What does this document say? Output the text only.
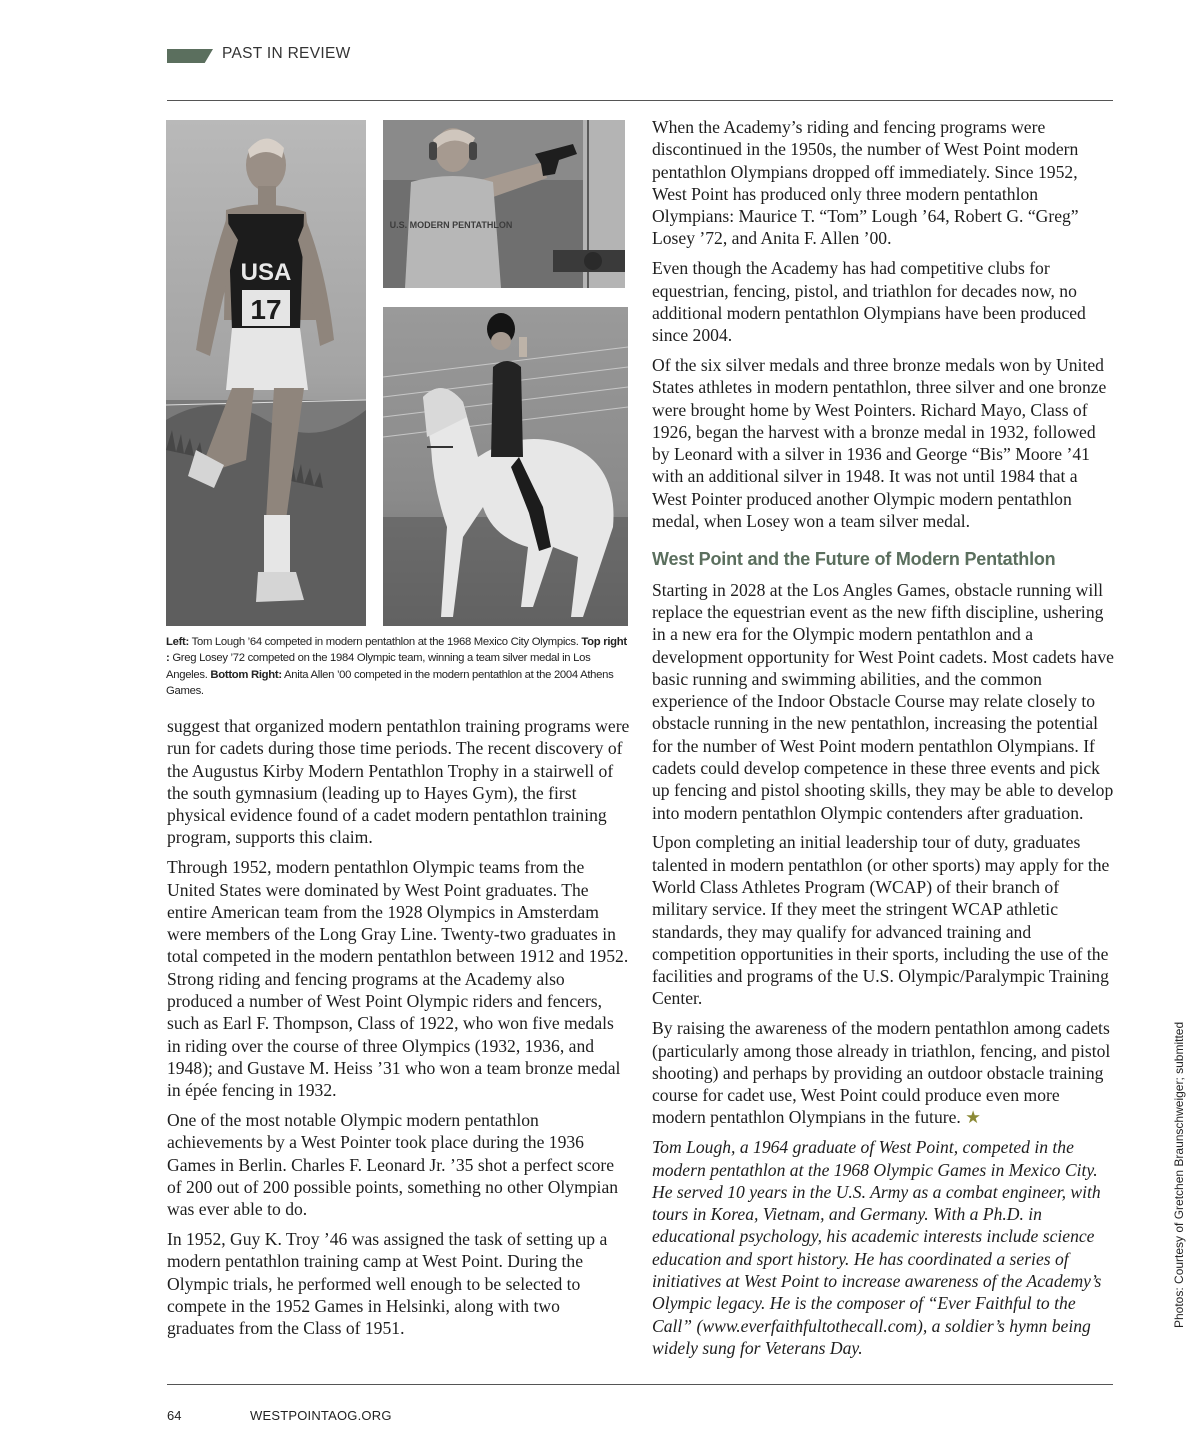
PAST IN REVIEW
USA
17
U.S. MODERN PENTATHLON
Left: Tom Lough ’64 competed in modern pentathlon at the 1968 Mexico City Olympics. Top right : Greg Losey ’72 competed on the 1984 Olympic team, winning a team silver medal in Los Angeles. Bottom Right: Anita Allen ’00 competed in the modern pentathlon at the 2004 Athens Games.

suggest that organized modern pentathlon training programs were run for cadets during those time periods. The recent discovery of the Augustus Kirby Modern Pentathlon Trophy in a stairwell of the south gymnasium (leading up to Hayes Gym), the first physical evidence found of a cadet modern pentathlon training program, supports this claim.

Through 1952, modern pentathlon Olympic teams from the United States were dominated by West Point graduates. The entire American team from the 1928 Olympics in Amsterdam were members of the Long Gray Line. Twenty-two graduates in total competed in the modern pentathlon between 1912 and 1952. Strong riding and fencing programs at the Academy also produced a number of West Point Olympic riders and fencers, such as Earl F. Thompson, Class of 1922, who won five medals in riding over the course of three Olympics (1932, 1936, and 1948); and Gustave M. Heiss ’31 who won a team bronze medal in épée fencing in 1932.

One of the most notable Olympic modern pentathlon achievements by a West Pointer took place during the 1936 Games in Berlin. Charles F. Leonard Jr. ’35 shot a perfect score of 200 out of 200 possible points, something no other Olympian was ever able to do.

In 1952, Guy K. Troy ’46 was assigned the task of setting up a modern pentathlon training camp at West Point. During the Olympic trials, he performed well enough to be selected to compete in the 1952 Games in Helsinki, along with two graduates from the Class of 1951.

When the Academy’s riding and fencing programs were discontinued in the 1950s, the number of West Point modern pentathlon Olympians dropped off immediately. Since 1952, West Point has produced only three modern pentathlon Olympians: Maurice T. “Tom” Lough ’64, Robert G. “Greg” Losey ’72, and Anita F. Allen ’00.

Even though the Academy has had competitive clubs for equestrian, fencing, pistol, and triathlon for decades now, no additional modern pentathlon Olympians have been produced since 2004.

Of the six silver medals and three bronze medals won by United States athletes in modern pentathlon, three silver and one bronze were brought home by West Pointers. Richard Mayo, Class of 1926, began the harvest with a bronze medal in 1932, followed by Leonard with a silver in 1936 and George “Bis” Moore ’41 with an additional silver in 1948. It was not until 1984 that a West Pointer produced another Olympic modern pentathlon medal, when Losey won a team silver medal.

West Point and the Future of Modern Pentathlon

Starting in 2028 at the Los Angles Games, obstacle running will replace the equestrian event as the new fifth discipline, ushering in a new era for the Olympic modern pentathlon and a development opportunity for West Point cadets. Most cadets have basic running and swimming abilities, and the common experience of the Indoor Obstacle Course may relate closely to obstacle running in the new pentathlon, increasing the potential for the number of West Point modern pentathlon Olympians. If cadets could develop competence in these three events and pick up fencing and pistol shooting skills, they may be able to develop into modern pentathlon Olympic contenders after graduation.

Upon completing an initial leadership tour of duty, graduates talented in modern pentathlon (or other sports) may apply for the World Class Athletes Program (WCAP) of their branch of military service. If they meet the stringent WCAP athletic standards, they may qualify for advanced training and competition opportunities in their sports, including the use of the facilities and programs of the U.S. Olympic/Paralympic Training Center.

By raising the awareness of the modern pentathlon among cadets (particularly among those already in triathlon, fencing, and pistol shooting) and perhaps by providing an outdoor obstacle training course for cadet use, West Point could produce even more modern pentathlon Olympians in the future. ★

Tom Lough, a 1964 graduate of West Point, competed in the modern pentathlon at the 1968 Olympic Games in Mexico City. He served 10 years in the U.S. Army as a combat engineer, with tours in Korea, Vietnam, and Germany. With a Ph.D. in educational psychology, his academic interests include science education and sport history. He has coordinated a series of initiatives at West Point to increase awareness of the Academy’s Olympic legacy. He is the composer of “Ever Faithful to the Call” (www.everfaithfultothecall.com), a soldier’s hymn being widely sung for Veterans Day.

Photos: Courtesy of Gretchen Braunschweiger; submitted
64	WESTPOINTAOG.ORG
